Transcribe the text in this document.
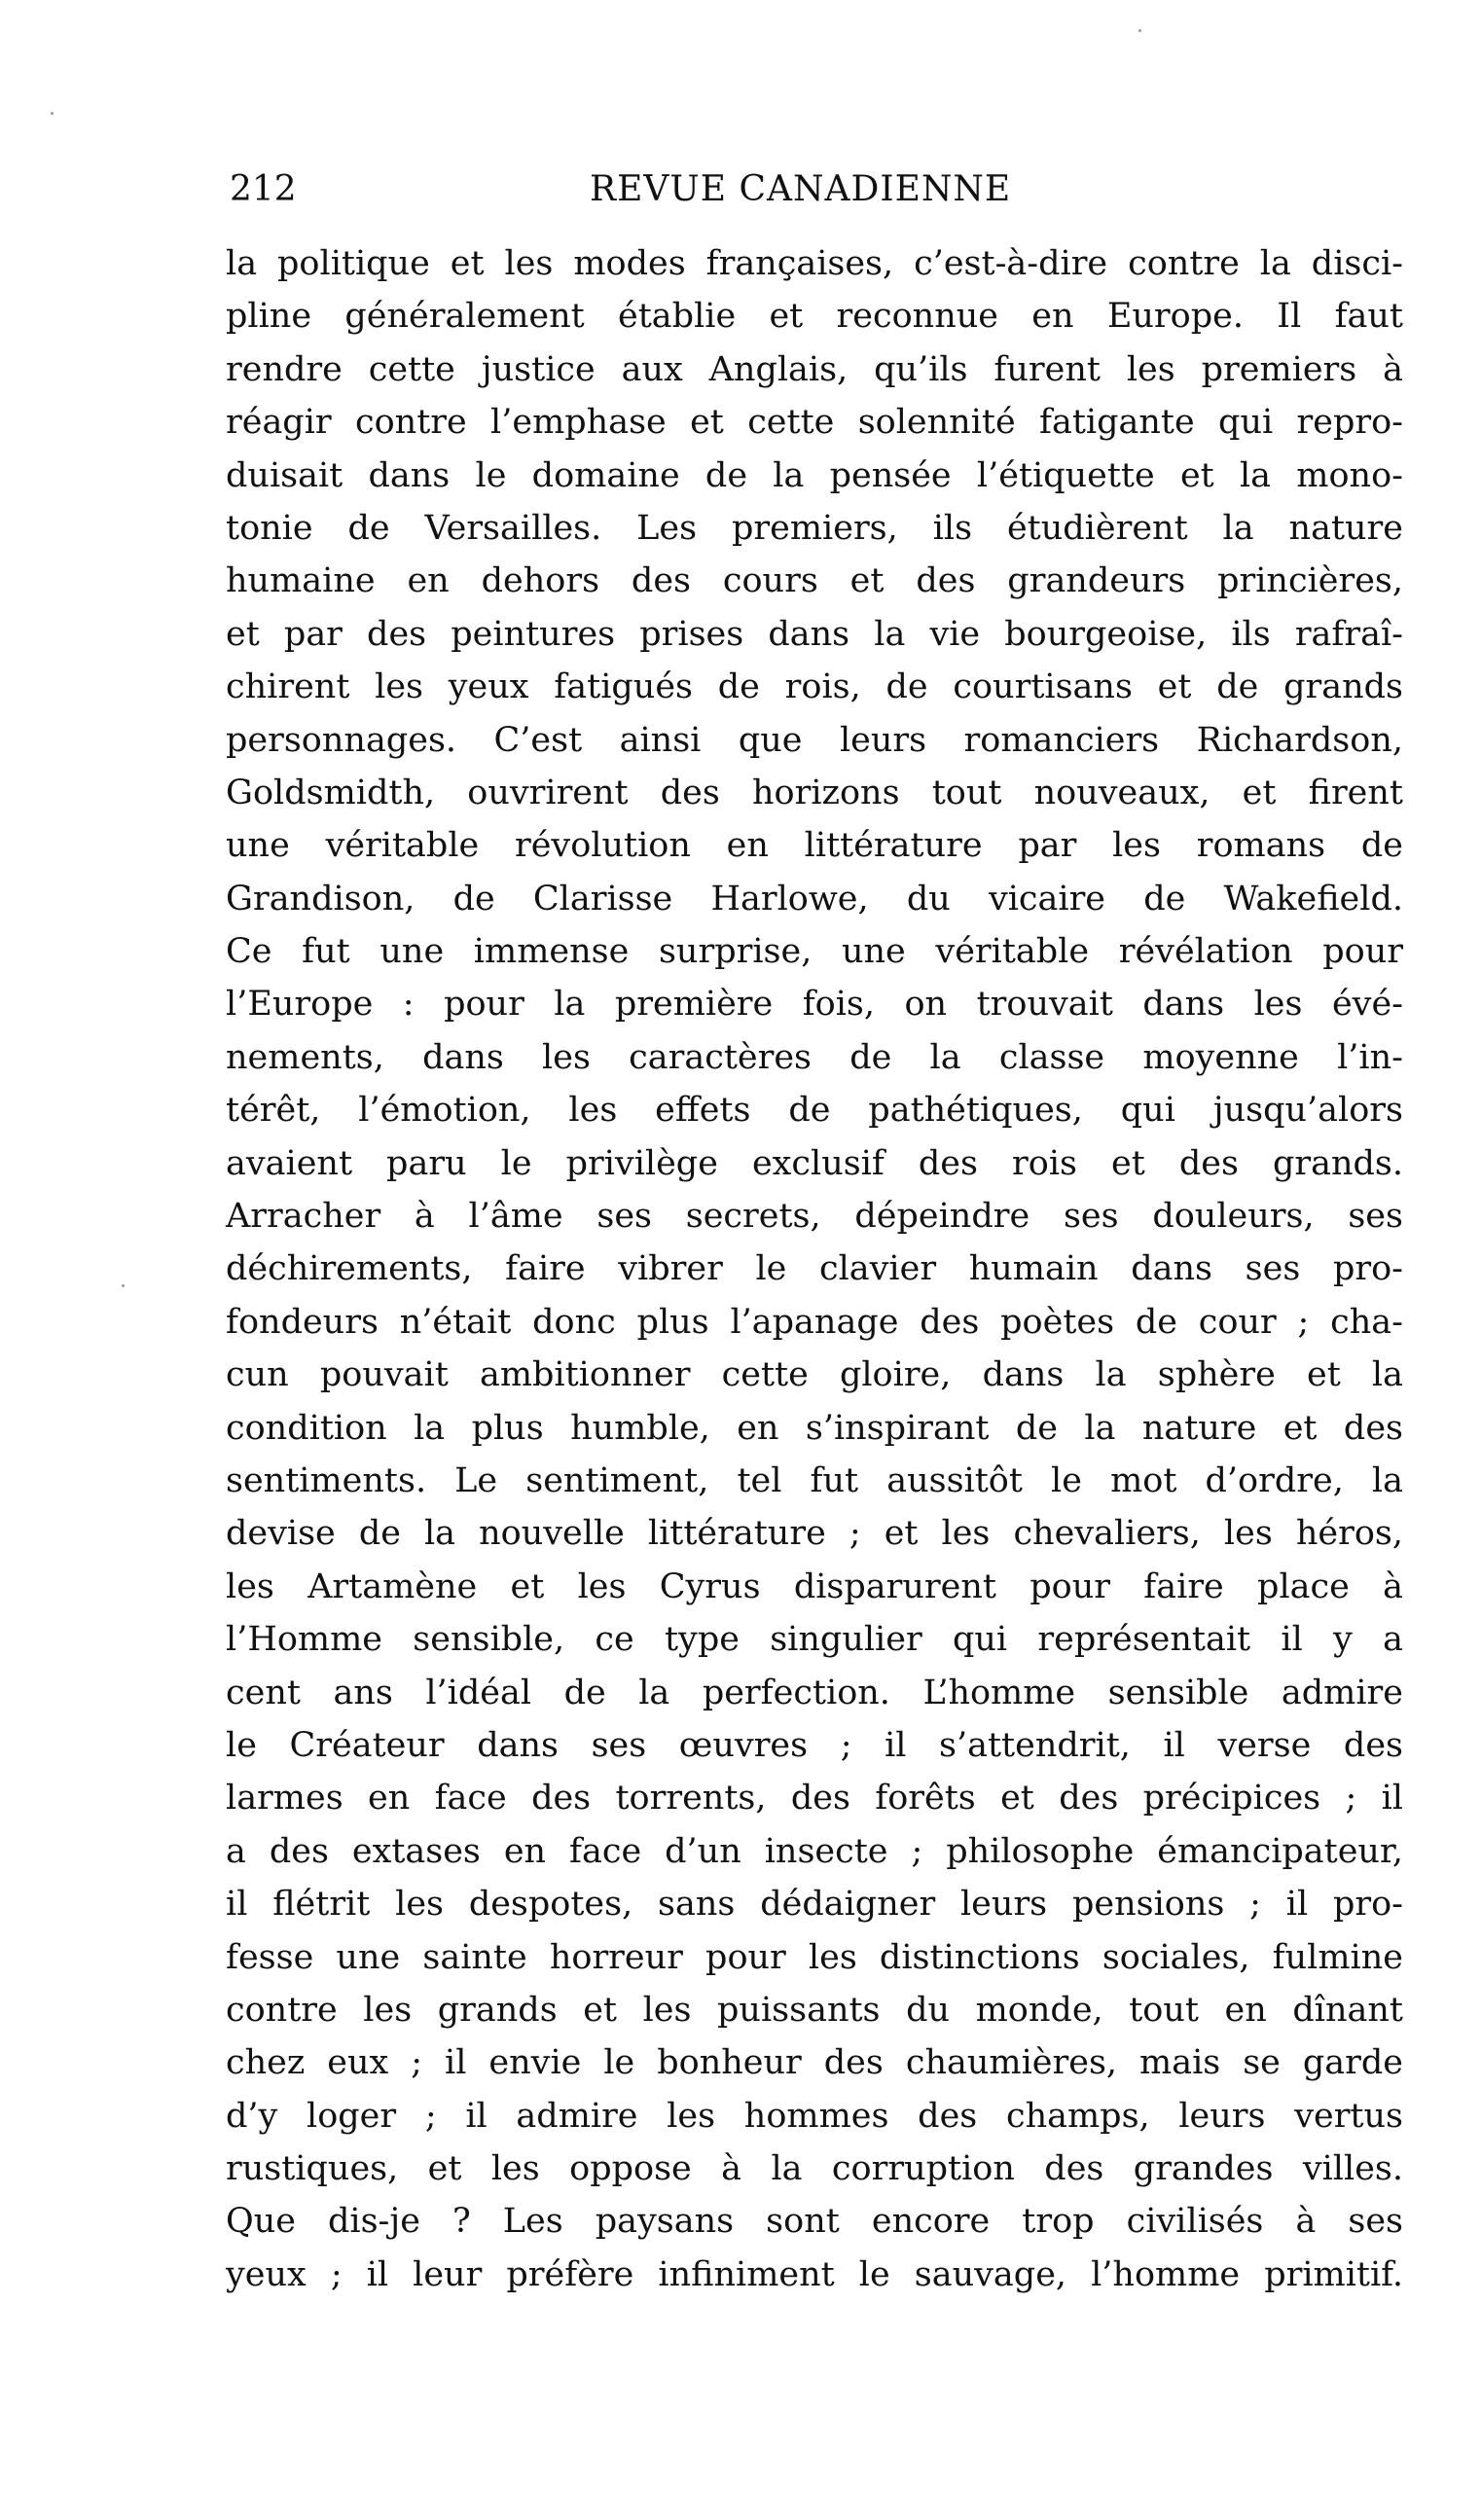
212	REVUE CANADIENNE
la politique et les modes françaises, c’est-à-dire contre la disci-
pline généralement établie et reconnue en Europe. Il faut
rendre cette justice aux Anglais, qu’ils furent les premiers à
réagir contre l’emphase et cette solennité fatigante qui repro-
duisait dans le domaine de la pensée l’étiquette et la mono-
tonie de Versailles. Les premiers, ils étudièrent la nature
humaine en dehors des cours et des grandeurs princières,
et par des peintures prises dans la vie bourgeoise, ils rafraî-
chirent les yeux fatigués de rois, de courtisans et de grands
personnages. C’est ainsi que leurs romanciers Richardson,
Goldsmidth, ouvrirent des horizons tout nouveaux, et firent
une véritable révolution en littérature par les romans de
Grandison, de Clarisse Harlowe, du vicaire de Wakefield.
Ce fut une immense surprise, une véritable révélation pour
l’Europe : pour la première fois, on trouvait dans les évé-
nements, dans les caractères de la classe moyenne l’in-
térêt, l’émotion, les effets de pathétiques, qui jusqu’alors
avaient paru le privilège exclusif des rois et des grands.
Arracher à l’âme ses secrets, dépeindre ses douleurs, ses
déchirements, faire vibrer le clavier humain dans ses pro-
fondeurs n’était donc plus l’apanage des poètes de cour ; cha-
cun pouvait ambitionner cette gloire, dans la sphère et la
condition la plus humble, en s’inspirant de la nature et des
sentiments. Le sentiment, tel fut aussitôt le mot d’ordre, la
devise de la nouvelle littérature ; et les chevaliers, les héros,
les Artamène et les Cyrus disparurent pour faire place à
l’Homme sensible, ce type singulier qui représentait il y a
cent ans l’idéal de la perfection. L’homme sensible admire
le Créateur dans ses œuvres ; il s’attendrit, il verse des
larmes en face des torrents, des forêts et des précipices ; il
a des extases en face d’un insecte ; philosophe émancipateur,
il flétrit les despotes, sans dédaigner leurs pensions ; il pro-
fesse une sainte horreur pour les distinctions sociales, fulmine
contre les grands et les puissants du monde, tout en dînant
chez eux ; il envie le bonheur des chaumières, mais se garde
d’y loger ; il admire les hommes des champs, leurs vertus
rustiques, et les oppose à la corruption des grandes villes.
Que dis-je ? Les paysans sont encore trop civilisés à ses
yeux ; il leur préfère infiniment le sauvage, l’homme primitif.
